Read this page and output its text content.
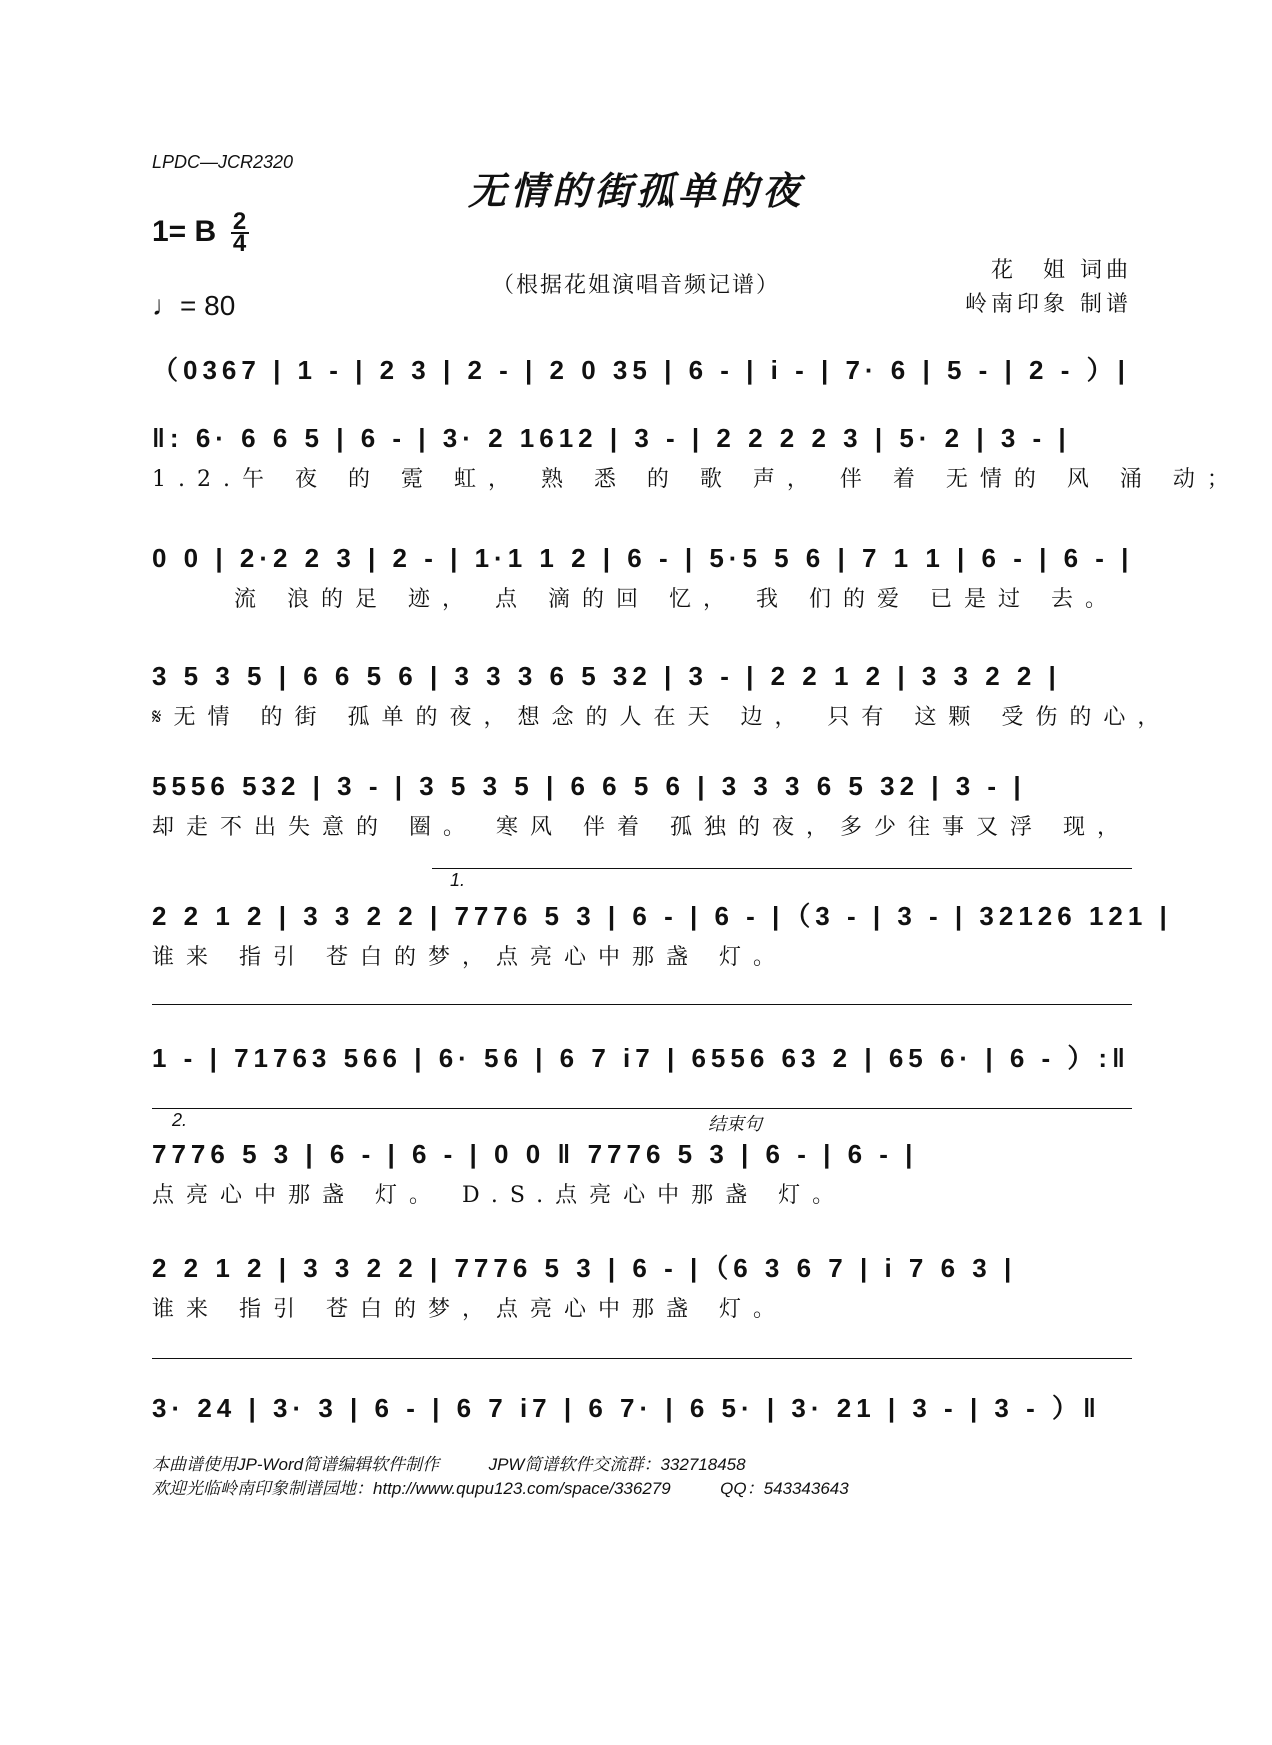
LPDC—JCR2320
无情的街孤单的夜
1= B $\frac{2}{4}$
（根据花姐演唱音频记谱）
♩= 80
花　姐 词曲
岭南印象 制谱
（0367 | 1 - | 2 3 | 2 - | 2 0 35 | 6 - | i - | 7· 6 | 5 - | 2 - ）|
‖: 6· 6 6 5 | 6 - | 3· 2 1612 | 3 - | 2 2 2 2 3 | 5· 2 | 3 - |
1.2.午 夜 的 霓 虹， 熟 悉 的 歌 声， 伴 着 无情的 风 涌 动；
0 0 | 2·2 2 3 | 2 - | 1·1 1 2 | 6 - | 5·5 5 6 | 7 1 1 | 6 - | 6 - |
流 浪的足 迹， 点 滴的回 忆， 我 们的爱 已是过 去。
3 5 3 5 | 6 6 5 6 | 3 3 3 6 5 32 | 3 - | 2 2 1 2 | 3 3 2 2 |
𝄋无情 的街 孤单的夜，想念的人在天 边， 只有 这颗 受伤的心，
5556 532 | 3 - | 3 5 3 5 | 6 6 5 6 | 3 3 3 6 5 32 | 3 - |
却走不出失意的 圈。 寒风 伴着 孤独的夜，多少往事又浮 现，
1.
2 2 1 2 | 3 3 2 2 | 7776 5 3 | 6 - | 6 - |（3 - | 3 - | 32126 121 |
谁来 指引 苍白的梦，点亮心中那盏 灯。
1 - | 71763 566 | 6· 56 | 6 7 i7 | 6556 63 2 | 65 6· | 6 - ）:‖
2.	结束句
7776 5 3 | 6 - | 6 - | 0 0 ‖ 7776 5 3 | 6 - | 6 - |
点亮心中那盏 灯。 D.S.点亮心中那盏 灯。
2 2 1 2 | 3 3 2 2 | 7776 5 3 | 6 - |（6 3 6 7 | i 7 6 3 |
谁来 指引 苍白的梦，点亮心中那盏 灯。
3· 24 | 3· 3 | 6 - | 6 7 i7 | 6 7· | 6 5· | 3· 21 | 3 - | 3 - ）‖
本曲谱使用JP-Word简谱编辑软件制作	JPW简谱软件交流群：332718458
欢迎光临岭南印象制谱园地：http://www.qupu123.com/space/336279	QQ：543343643
